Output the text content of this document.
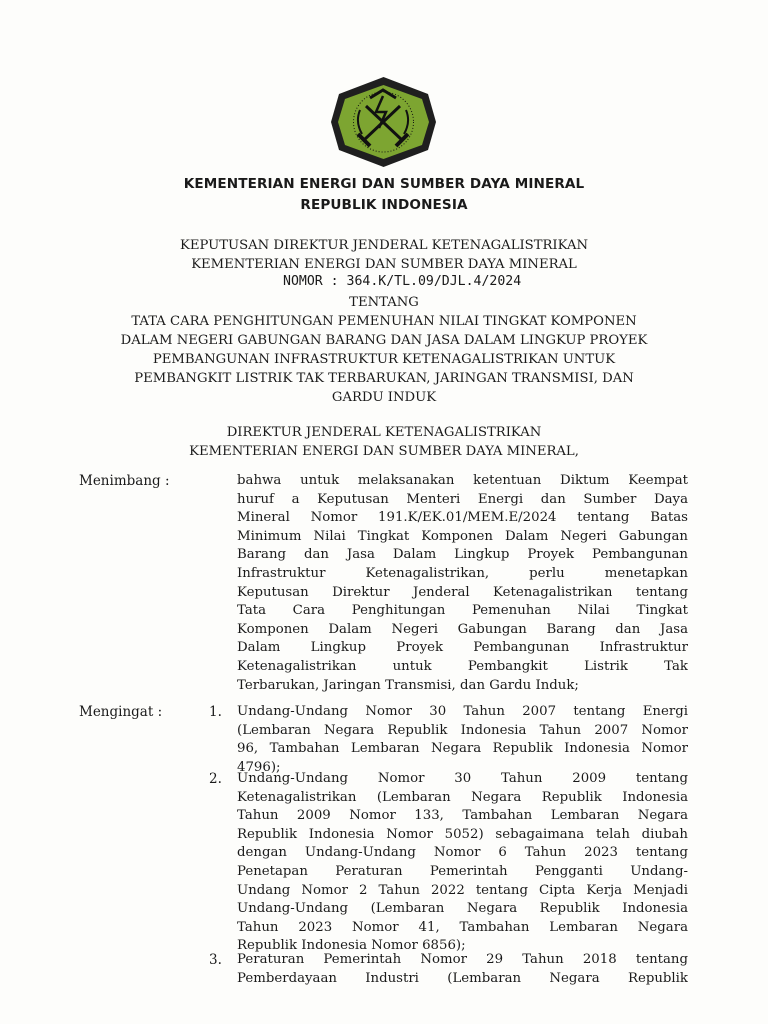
KEMENTERIAN ENERGI DAN SUMBER DAYA MINERAL
REPUBLIK INDONESIA
KEPUTUSAN DIREKTUR JENDERAL KETENAGALISTRIKAN
KEMENTERIAN ENERGI DAN SUMBER DAYA MINERAL
NOMOR : 364.K/TL.09/DJL.4/2024
TENTANG
TATA CARA PENGHITUNGAN PEMENUHAN NILAI TINGKAT KOMPONEN
DALAM NEGERI GABUNGAN BARANG DAN JASA DALAM LINGKUP PROYEK
PEMBANGUNAN INFRASTRUKTUR KETENAGALISTRIKAN UNTUK
PEMBANGKIT LISTRIK TAK TERBARUKAN, JARINGAN TRANSMISI, DAN
GARDU INDUK
DIREKTUR JENDERAL KETENAGALISTRIKAN
KEMENTERIAN ENERGI DAN SUMBER DAYA MINERAL,
Menimbang :	bahwa untuk melaksanakan ketentuan Diktum Keempat
huruf a Keputusan Menteri Energi dan Sumber Daya
Mineral Nomor 191.K/EK.01/MEM.E/2024 tentang Batas
Minimum Nilai Tingkat Komponen Dalam Negeri Gabungan
Barang dan Jasa Dalam Lingkup Proyek Pembangunan
Infrastruktur Ketenagalistrikan, perlu menetapkan
Keputusan Direktur Jenderal Ketenagalistrikan tentang
Tata Cara Penghitungan Pemenuhan Nilai Tingkat
Komponen Dalam Negeri Gabungan Barang dan Jasa
Dalam Lingkup Proyek Pembangunan Infrastruktur
Ketenagalistrikan untuk Pembangkit Listrik Tak
Terbarukan, Jaringan Transmisi, dan Gardu Induk;
Mengingat :	1. Undang-Undang Nomor 30 Tahun 2007 tentang Energi
(Lembaran Negara Republik Indonesia Tahun 2007 Nomor
96, Tambahan Lembaran Negara Republik Indonesia Nomor
4796);
2. Undang-Undang Nomor 30 Tahun 2009 tentang
Ketenagalistrikan (Lembaran Negara Republik Indonesia
Tahun 2009 Nomor 133, Tambahan Lembaran Negara
Republik Indonesia Nomor 5052) sebagaimana telah diubah
dengan Undang-Undang Nomor 6 Tahun 2023 tentang
Penetapan Peraturan Pemerintah Pengganti Undang-
Undang Nomor 2 Tahun 2022 tentang Cipta Kerja Menjadi
Undang-Undang (Lembaran Negara Republik Indonesia
Tahun 2023 Nomor 41, Tambahan Lembaran Negara
Republik Indonesia Nomor 6856);
3. Peraturan Pemerintah Nomor 29 Tahun 2018 tentang
Pemberdayaan Industri (Lembaran Negara Republik
